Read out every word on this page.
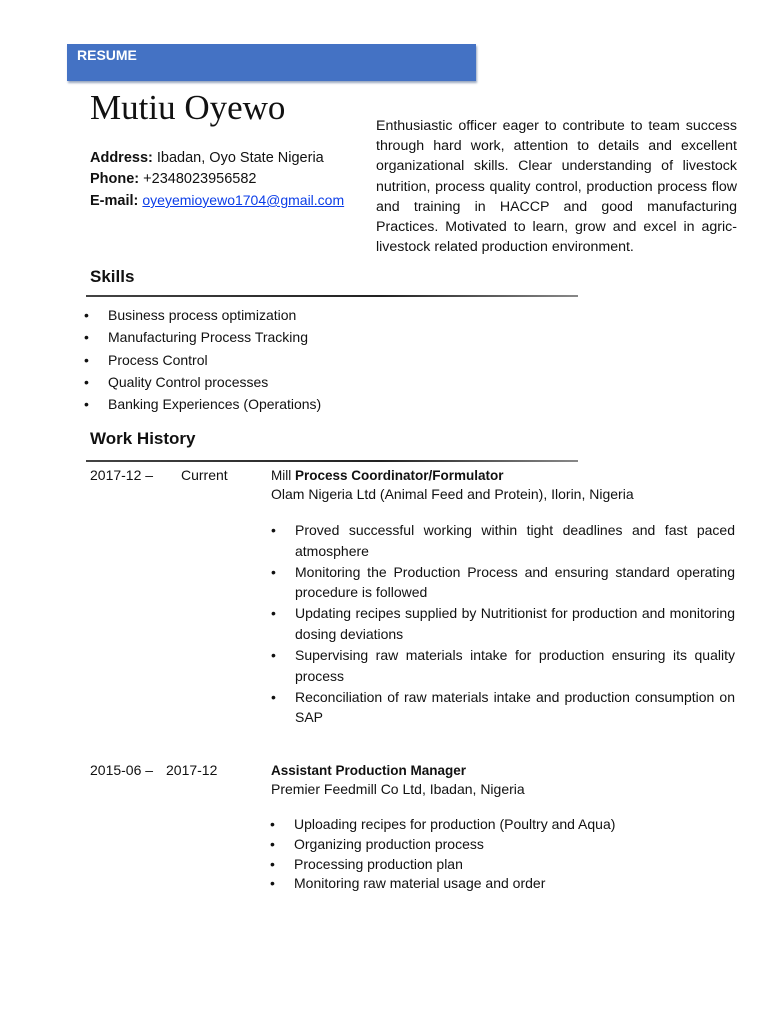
RESUME
Mutiu Oyewo
Address: Ibadan, Oyo State Nigeria
Phone: +2348023956582
E-mail: oyeyemioyewo1704@gmail.com
Enthusiastic officer eager to contribute to team success through hard work, attention to details and excellent organizational skills. Clear understanding of livestock nutrition, process quality control, production process flow and training in HACCP and good manufacturing Practices. Motivated to learn, grow and excel in agric-livestock related production environment.
Skills
• Business process optimization
• Manufacturing Process Tracking
• Process Control
• Quality Control processes
• Banking Experiences (Operations)
Work History
2017-12 – Current	Mill Process Coordinator/Formulator
Olam Nigeria Ltd (Animal Feed and Protein), Ilorin, Nigeria
• Proved successful working within tight deadlines and fast paced atmosphere
• Monitoring the Production Process and ensuring standard operating procedure is followed
• Updating recipes supplied by Nutritionist for production and monitoring dosing deviations
• Supervising raw materials intake for production ensuring its quality process
• Reconciliation of raw materials intake and production consumption on SAP
2015-06 – 2017-12	Assistant Production Manager
Premier Feedmill Co Ltd, Ibadan, Nigeria
• Uploading recipes for production (Poultry and Aqua)
• Organizing production process
• Processing production plan
• Monitoring raw material usage and order
